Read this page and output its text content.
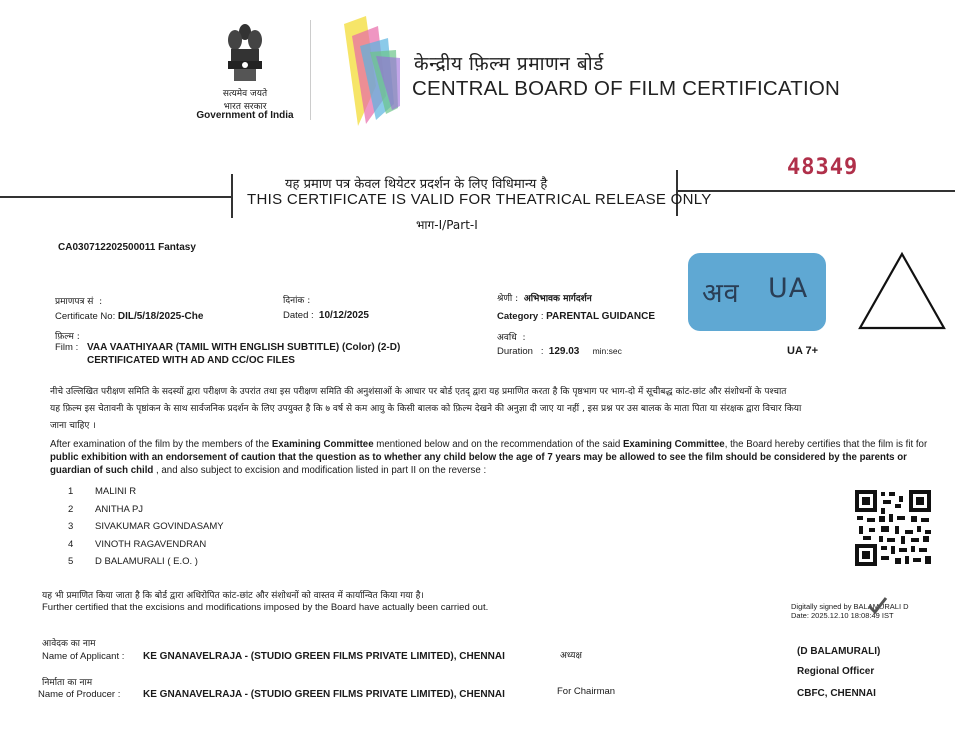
सत्यमेव जयते
भारत सरकार
Government of India
केन्द्रीय फ़िल्म प्रमाणन बोर्ड
CENTRAL BOARD OF FILM CERTIFICATION
48349
यह प्रमाण पत्र केवल थियेटर प्रदर्शन के लिए विधिमान्य है
THIS CERTIFICATE IS VALID FOR THEATRICAL RELEASE ONLY
भाग-I/Part-I
CA030712202500011 Fantasy
प्रमाणपत्र सं  :
Certificate No: DIL/5/18/2025-Che
दिनांक :
Dated :  10/12/2025
श्रेणी :  अभिभावक मार्गदर्शन
Category : PARENTAL GUIDANCE
अवधि  :
Duration   :  129.03 min:sec
फ़िल्म :
Film : VAA VAATHIYAAR (TAMIL WITH ENGLISH SUBTITLE) (Color) (2-D)
CERTIFICATED WITH AD AND CC/OC FILES
अव UA
UA 7+
नीचे उल्लिखित परीक्षण समिति के सदस्यों द्वारा परीक्षण के उपरांत तथा इस परीक्षण समिति की अनुशंसाओं के आधार पर बोर्ड एतद् द्वारा यह प्रमाणित करता है कि पृष्ठभाग पर भाग-दो में सूचीबद्ध कांट-छांट और संशोधनों के पश्चात
यह फ़िल्म इस चेतावनी के पृष्ठांकन के साथ सार्वजनिक प्रदर्शन के लिए उपयुक्त है कि ७ वर्ष से कम आयु के किसी बालक को फ़िल्म देखने की अनुज्ञा दी जाए या नहीं , इस प्रश्न पर उस बालक के माता पिता या संरक्षक द्वारा विचार किया
जाना चाहिए ।
After examination of the film by the members of the Examining Committee mentioned below and on the recommendation of the said Examining Committee, the Board hereby certifies that the film is fit for public exhibition with an endorsement of caution that the question as to whether any child below the age of 7 years may be allowed to see the film should be considered by the parents or guardian of such child , and also subject to excision and modification listed in part II on the reverse :
1 MALINI R
2 ANITHA PJ
3 SIVAKUMAR GOVINDASAMY
4 VINOTH RAGAVENDRAN
5 D BALAMURALI ( E.O. )
यह भी प्रमाणित किया जाता है कि बोर्ड द्वारा अधिरोपित कांट-छांट और संशोधनों को वास्तव में कार्यान्वित किया गया है।
Further certified that the excisions and modifications imposed by the Board have actually been carried out.	Digitally signed by BALAMURALI D
Date: 2025.12.10 18:08:49 IST
आवेदक का नाम
Name of Applicant : KE GNANAVELRAJA - (STUDIO GREEN FILMS PRIVATE LIMITED), CHENNAI
निर्माता का नाम
Name of Producer : KE GNANAVELRAJA - (STUDIO GREEN FILMS PRIVATE LIMITED), CHENNAI
अध्यक्ष
For Chairman
(D BALAMURALI)
Regional Officer
CBFC, CHENNAI
